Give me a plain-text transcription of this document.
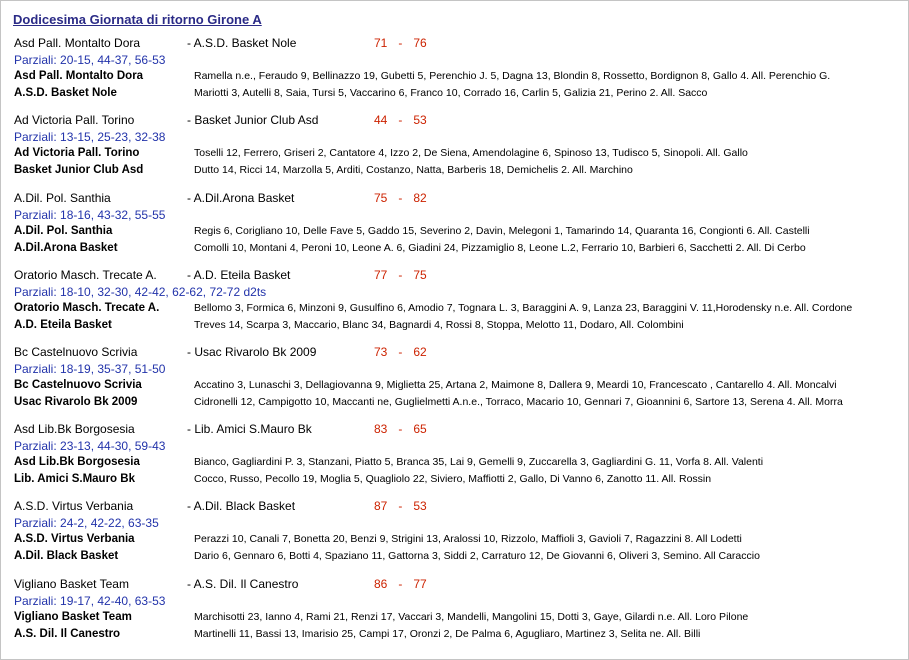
Dodicesima Giornata di ritorno Girone A
Asd Pall. Montalto Dora	- A.S.D. Basket Nole	71 - 76
Parziali: 20-15, 44-37, 56-53
Asd Pall. Montalto Dora	Ramella n.e., Feraudo 9, Bellinazzo 19, Gubetti 5, Perenchio J. 5, Dagna 13, Blondin 8, Rossetto, Bordignon 8, Gallo 4. All. Perenchio G.
A.S.D. Basket Nole	Mariotti 3, Autelli 8, Saia, Tursi 5, Vaccarino 6, Franco 10, Corrado 16, Carlin 5, Galizia 21, Perino 2. All. Sacco
Ad Victoria Pall. Torino	- Basket Junior Club Asd	44 - 53
Parziali: 13-15, 25-23, 32-38
Ad Victoria Pall. Torino	Toselli 12, Ferrero, Griseri 2, Cantatore 4, Izzo 2, De Siena, Amendolagine 6, Spinoso 13, Tudisco 5, Sinopoli. All. Gallo
Basket Junior Club Asd	Dutto 14, Ricci 14, Marzolla 5, Arditi, Costanzo, Natta, Barberis 18, Demichelis 2. All. Marchino
A.Dil. Pol. Santhia	- A.Dil.Arona Basket	75 - 82
Parziali: 18-16, 43-32, 55-55
A.Dil. Pol. Santhia	Regis 6, Corigliano 10, Delle Fave 5, Gaddo 15, Severino 2, Davin, Melegoni 1, Tamarindo 14, Quaranta 16, Congionti 6. All. Castelli
A.Dil.Arona Basket	Comolli 10, Montani 4, Peroni 10, Leone A. 6, Giadini 24, Pizzamiglio 8, Leone L.2, Ferrario 10, Barbieri 6, Sacchetti 2. All. Di Cerbo
Oratorio Masch. Trecate A.	- A.D. Eteila Basket	77 - 75
Parziali: 18-10, 32-30, 42-42, 62-62, 72-72 d2ts
Oratorio Masch. Trecate A.	Bellomo 3, Formica 6, Minzoni 9, Gusulfino 6, Amodio 7, Tognara L. 3, Baraggini A. 9, Lanza 23, Baraggini V. 11,Horodensky n.e. All. Cordone
A.D. Eteila Basket	Treves 14, Scarpa 3, Maccario, Blanc 34, Bagnardi 4, Rossi 8, Stoppa, Melotto 11, Dodaro, All. Colombini
Bc Castelnuovo Scrivia	- Usac Rivarolo Bk 2009	73 - 62
Parziali: 18-19, 35-37, 51-50
Bc Castelnuovo Scrivia	Accatino 3, Lunaschi 3, Dellagiovanna 9, Miglietta 25, Artana 2, Maimone 8, Dallera 9, Meardi 10, Francescato , Cantarello 4. All. Moncalvi
Usac Rivarolo Bk 2009	Cidronelli 12, Campigotto 10, Maccanti ne, Guglielmetti A.n.e., Torraco, Macario 10, Gennari 7, Gioannini 6, Sartore 13, Serena 4. All. Morra
Asd Lib.Bk Borgosesia	- Lib. Amici S.Mauro Bk	83 - 65
Parziali: 23-13, 44-30, 59-43
Asd Lib.Bk Borgosesia	Bianco, Gagliardini P. 3, Stanzani, Piatto 5, Branca 35, Lai 9, Gemelli 9, Zuccarella 3, Gagliardini G. 11, Vorfa 8. All. Valenti
Lib. Amici S.Mauro Bk	Cocco, Russo, Pecollo 19, Moglia 5, Quagliolo 22, Siviero, Maffiotti 2, Gallo, Di Vanno 6, Zanotto 11. All. Rossin
A.S.D. Virtus Verbania	- A.Dil. Black Basket	87 - 53
Parziali: 24-2, 42-22, 63-35
A.S.D. Virtus Verbania	Perazzi 10, Canali 7, Bonetta 20, Benzi 9, Strigini 13, Aralossi 10, Rizzolo, Maffioli 3, Gavioli 7, Ragazzini 8. All Lodetti
A.Dil. Black Basket	Dario 6, Gennaro 6, Botti 4, Spaziano 11, Gattorna 3, Siddi 2, Carraturo 12, De Giovanni 6, Oliveri 3, Semino. All Caraccio
Vigliano Basket Team	- A.S. Dil. Il Canestro	86 - 77
Parziali: 19-17, 42-40, 63-53
Vigliano Basket Team	Marchisotti 23, Ianno 4, Rami 21, Renzi 17, Vaccari 3, Mandelli, Mangolini 15, Dotti 3, Gaye, Gilardi n.e. All. Loro Pilone
A.S. Dil. Il Canestro	Martinelli 11, Bassi 13, Imarisio 25, Campi 17, Oronzi 2, De Palma 6, Agugliaro, Martinez 3, Selita ne. All. Billi
